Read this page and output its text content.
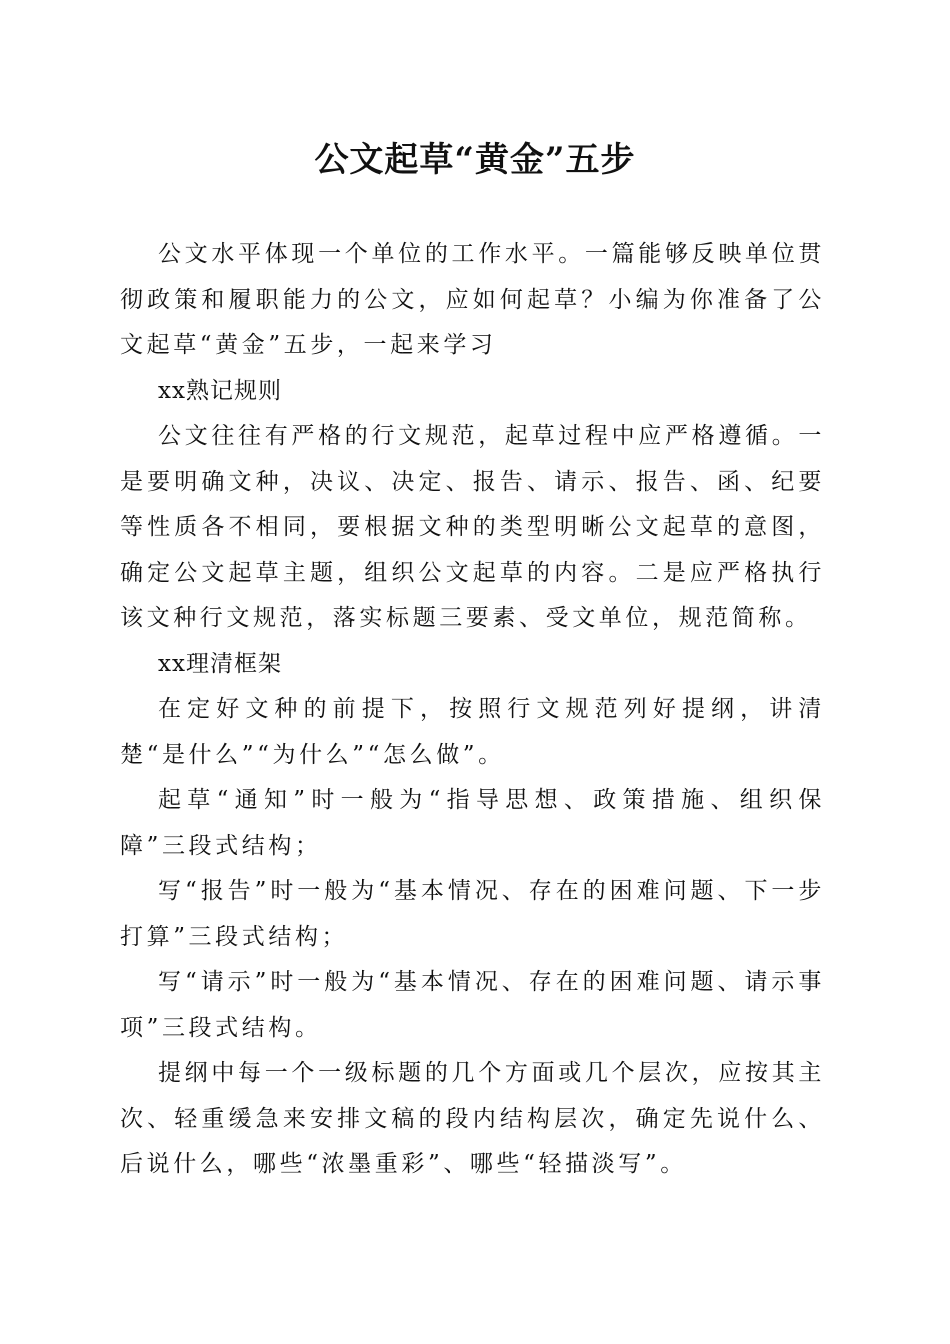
公文起草“黄金”五步

公文水平体现一个单位的工作水平。一篇能够反映单位贯彻政策和履职能力的公文，应如何起草？小编为你准备了公文起草“黄金”五步，一起来学习

xx熟记规则

公文往往有严格的行文规范，起草过程中应严格遵循。一是要明确文种，决议、决定、报告、请示、报告、函、纪要等性质各不相同，要根据文种的类型明晰公文起草的意图，确定公文起草主题，组织公文起草的内容。二是应严格执行该文种行文规范，落实标题三要素、受文单位，规范简称。

xx理清框架

在定好文种的前提下，按照行文规范列好提纲，讲清楚“是什么”“为什么”“怎么做”。

起草“通知”时一般为“指导思想、政策措施、组织保障”三段式结构；

写“报告”时一般为“基本情况、存在的困难问题、下一步打算”三段式结构；

写“请示”时一般为“基本情况、存在的困难问题、请示事项”三段式结构。

提纲中每一个一级标题的几个方面或几个层次，应按其主次、轻重缓急来安排文稿的段内结构层次，确定先说什么、后说什么，哪些“浓墨重彩”、哪些“轻描淡写”。
